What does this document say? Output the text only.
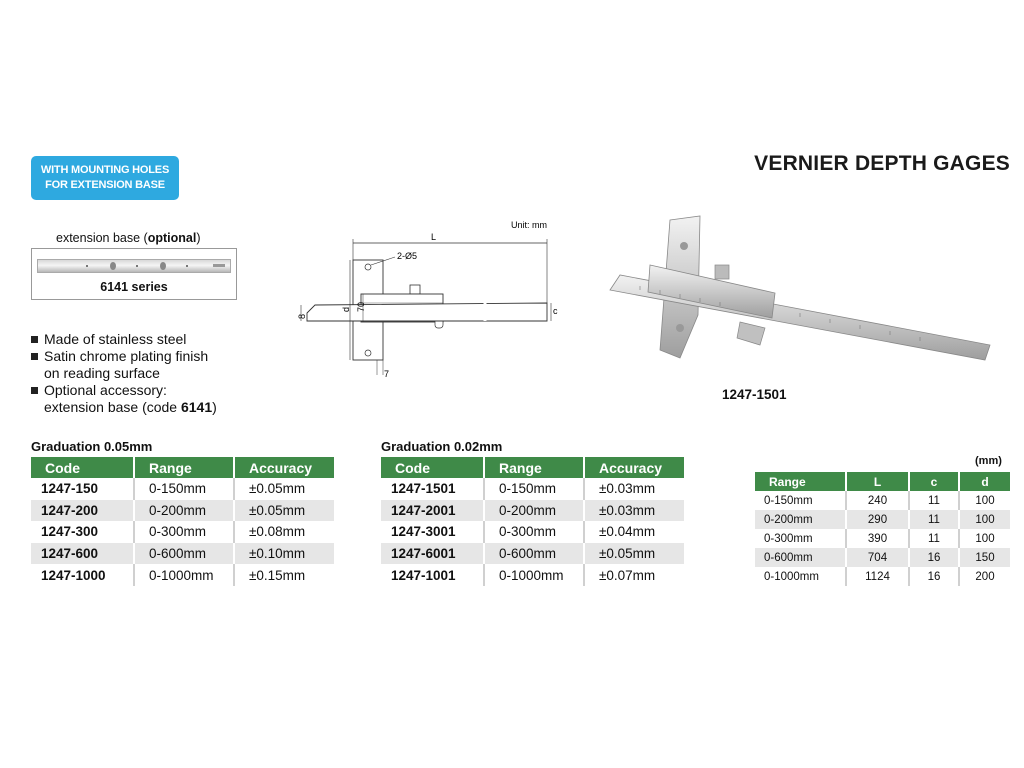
WITH MOUNTING HOLES
FOR EXTENSION BASE
VERNIER DEPTH GAGES
extension base (optional)
6141 series
Made of stainless steel
Satin chrome plating finish
on reading surface
Optional accessory:
extension base (code 6141)
Unit: mm
L
2-Ø5
8
d 70	c
7
1247-1501
Graduation 0.05mm
Code	Range	Accuracy
1247-150	0-150mm	±0.05mm
1247-200	0-200mm	±0.05mm
1247-300	0-300mm	±0.08mm
1247-600	0-600mm	±0.10mm
1247-1000	0-1000mm	±0.15mm
Graduation 0.02mm
Code	Range	Accuracy
1247-1501	0-150mm	±0.03mm
1247-2001	0-200mm	±0.03mm
1247-3001	0-300mm	±0.04mm
1247-6001	0-600mm	±0.05mm
1247-1001	0-1000mm	±0.07mm
(mm)
Range	L	c	d
0-150mm	240	11	100
0-200mm	290	11	100
0-300mm	390	11	100
0-600mm	704	16	150
0-1000mm	1124	16	200
